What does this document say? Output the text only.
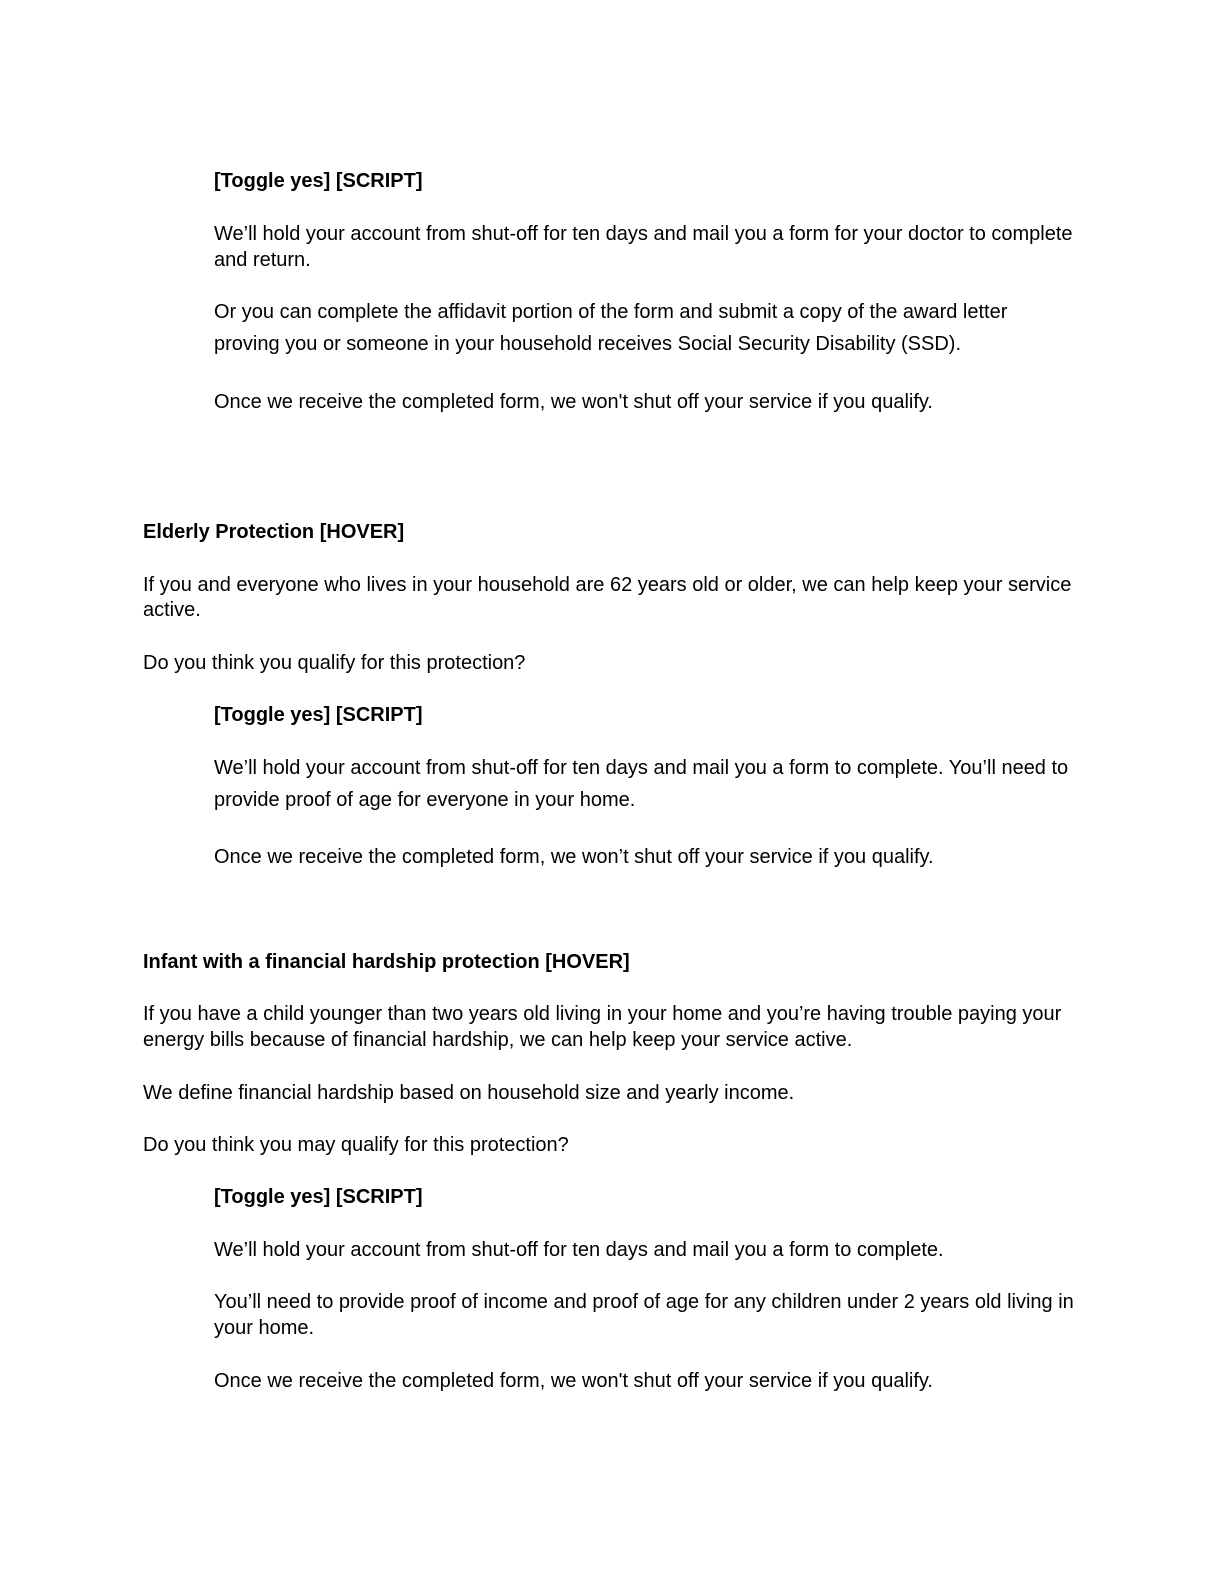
[Toggle yes] [SCRIPT]

We’ll hold your account from shut-off for ten days and mail you a form for your doctor to complete

and return.

Or you can complete the affidavit portion of the form and submit a copy of the award letter

proving you or someone in your household receives Social Security Disability (SSD).

Once we receive the completed form, we won't shut off your service if you qualify.

Elderly Protection [HOVER]

If you and everyone who lives in your household are 62 years old or older, we can help keep your service

active.

Do you think you qualify for this protection?

[Toggle yes] [SCRIPT]

We’ll hold your account from shut-off for ten days and mail you a form to complete. You’ll need to

provide proof of age for everyone in your home.

Once we receive the completed form, we won’t shut off your service if you qualify.

Infant with a financial hardship protection [HOVER]

If you have a child younger than two years old living in your home and you’re having trouble paying your

energy bills because of financial hardship, we can help keep your service active.

We define financial hardship based on household size and yearly income.

Do you think you may qualify for this protection?

[Toggle yes] [SCRIPT]

We’ll hold your account from shut-off for ten days and mail you a form to complete.

You’ll need to provide proof of income and proof of age for any children under 2 years old living in

your home.

Once we receive the completed form, we won't shut off your service if you qualify.
